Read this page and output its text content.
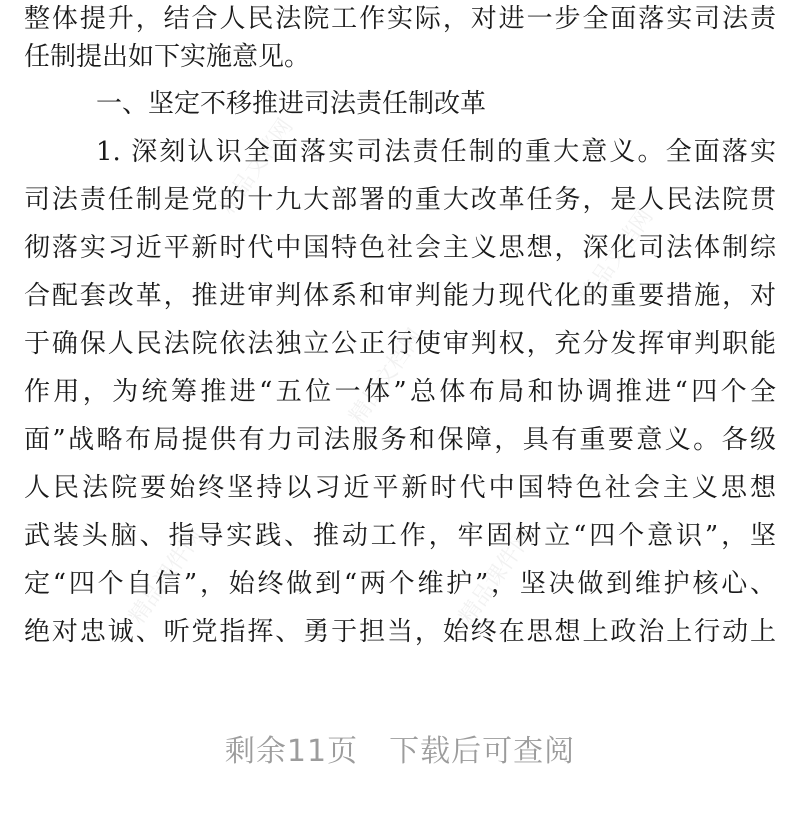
整体提升，结合人民法院工作实际，对进一步全面落实司法责
任制提出如下实施意见。
一、坚定不移推进司法责任制改革
1. 深刻认识全面落实司法责任制的重大意义。全面落实
司法责任制是党的十九大部署的重大改革任务，是人民法院贯
彻落实习近平新时代中国特色社会主义思想，深化司法体制综
合配套改革，推进审判体系和审判能力现代化的重要措施，对
于确保人民法院依法独立公正行使审判权，充分发挥审判职能
作用，为统筹推进“五位一体”总体布局和协调推进“四个全
面”战略布局提供有力司法服务和保障，具有重要意义。各级
人民法院要始终坚持以习近平新时代中国特色社会主义思想
武装头脑、指导实践、推动工作，牢固树立“四个意识”，坚
定“四个自信”，始终做到“两个维护”，坚决做到维护核心、
绝对忠诚、听党指挥、勇于担当，始终在思想上政治上行动上
精品文档网
精品文档网
精品课件网	精品课件网
精品文档网
剩余11页　下载后可查阅
